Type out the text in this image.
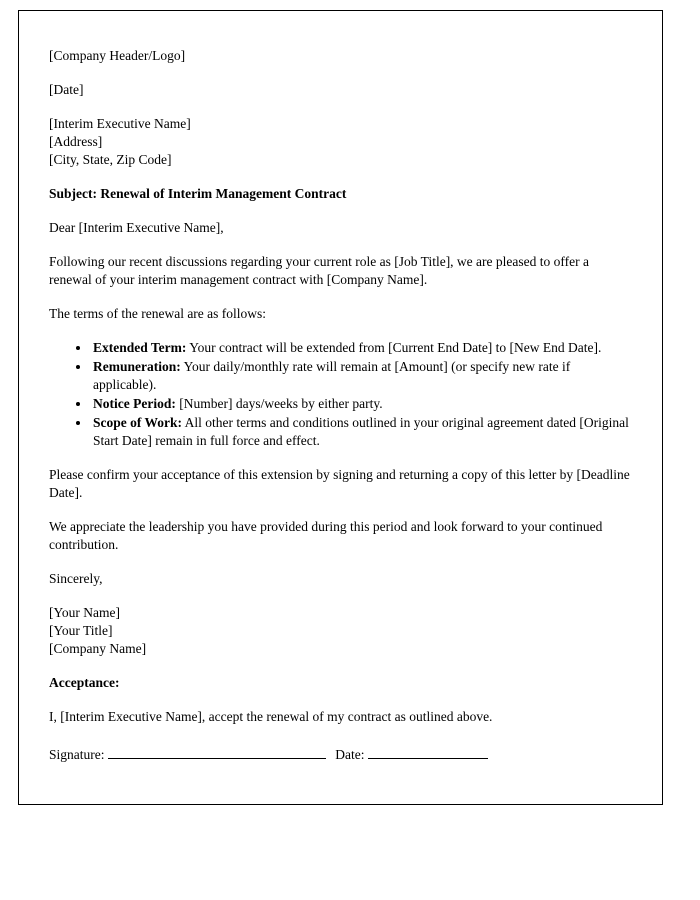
[Company Header/Logo]

[Date]

[Interim Executive Name]
[Address]
[City, State, Zip Code]

Subject: Renewal of Interim Management Contract

Dear [Interim Executive Name],

Following our recent discussions regarding your current role as [Job Title], we are pleased to offer a renewal of your interim management contract with [Company Name].

The terms of the renewal are as follows:

• Extended Term: Your contract will be extended from [Current End Date] to [New End Date].
• Remuneration: Your daily/monthly rate will remain at [Amount] (or specify new rate if applicable).
• Notice Period: [Number] days/weeks by either party.
• Scope of Work: All other terms and conditions outlined in your original agreement dated [Original Start Date] remain in full force and effect.

Please confirm your acceptance of this extension by signing and returning a copy of this letter by [Deadline Date].

We appreciate the leadership you have provided during this period and look forward to your continued contribution.

Sincerely,

[Your Name]
[Your Title]
[Company Name]

Acceptance:

I, [Interim Executive Name], accept the renewal of my contract as outlined above.

Signature:	Date:
